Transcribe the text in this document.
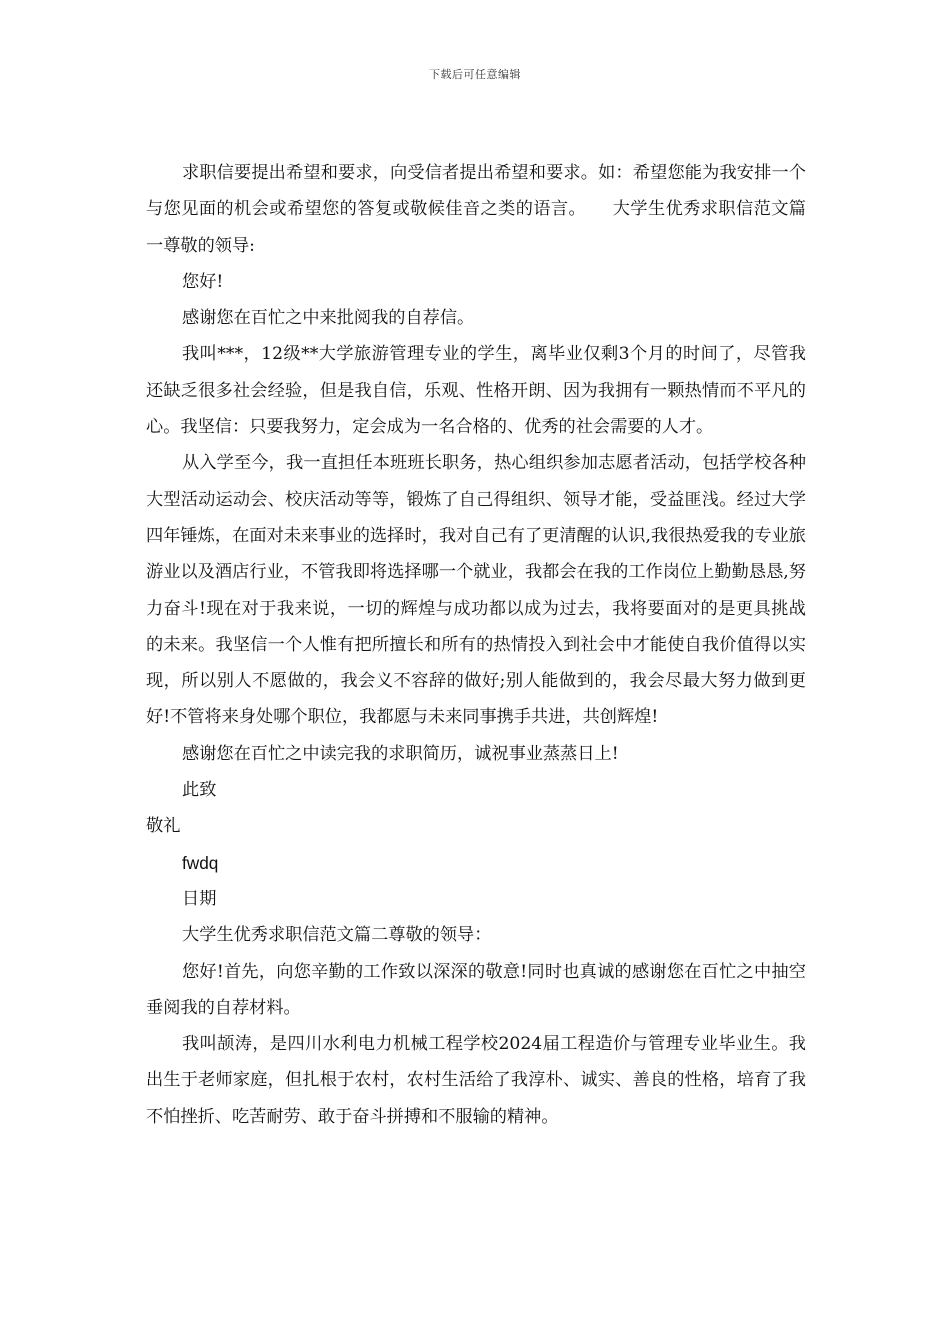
下载后可任意编辑

求职信要提出希望和要求，向受信者提出希望和要求。如：希望您能为我安排一个与您见面的机会或希望您的答复或敬候佳音之类的语言。　　大学生优秀求职信范文篇一尊敬的领导:

您好!

感谢您在百忙之中来批阅我的自荐信。

我叫***，12级**大学旅游管理专业的学生，离毕业仅剩3个月的时间了，尽管我还缺乏很多社会经验，但是我自信，乐观、性格开朗、因为我拥有一颗热情而不平凡的心。我坚信：只要我努力，定会成为一名合格的、优秀的社会需要的人才。

从入学至今，我一直担任本班班长职务，热心组织参加志愿者活动，包括学校各种大型活动运动会、校庆活动等等，锻炼了自己得组织、领导才能，受益匪浅。经过大学四年锤炼，在面对未来事业的选择时，我对自己有了更清醒的认识,我很热爱我的专业旅游业以及酒店行业，不管我即将选择哪一个就业，我都会在我的工作岗位上勤勤恳恳,努力奋斗!现在对于我来说，一切的辉煌与成功都以成为过去，我将要面对的是更具挑战的未来。我坚信一个人惟有把所擅长和所有的热情投入到社会中才能使自我价值得以实现，所以别人不愿做的，我会义不容辞的做好;别人能做到的，我会尽最大努力做到更好!不管将来身处哪个职位，我都愿与未来同事携手共进，共创辉煌!

感谢您在百忙之中读完我的求职简历，诚祝事业蒸蒸日上!

此致

敬礼

fwdq

日期

大学生优秀求职信范文篇二尊敬的领导：

您好!首先，向您辛勤的工作致以深深的敬意!同时也真诚的感谢您在百忙之中抽空垂阅我的自荐材料。

我叫颉涛，是四川水利电力机械工程学校2024届工程造价与管理专业毕业生。我出生于老师家庭，但扎根于农村，农村生活给了我淳朴、诚实、善良的性格，培育了我不怕挫折、吃苦耐劳、敢于奋斗拼搏和不服输的精神。
